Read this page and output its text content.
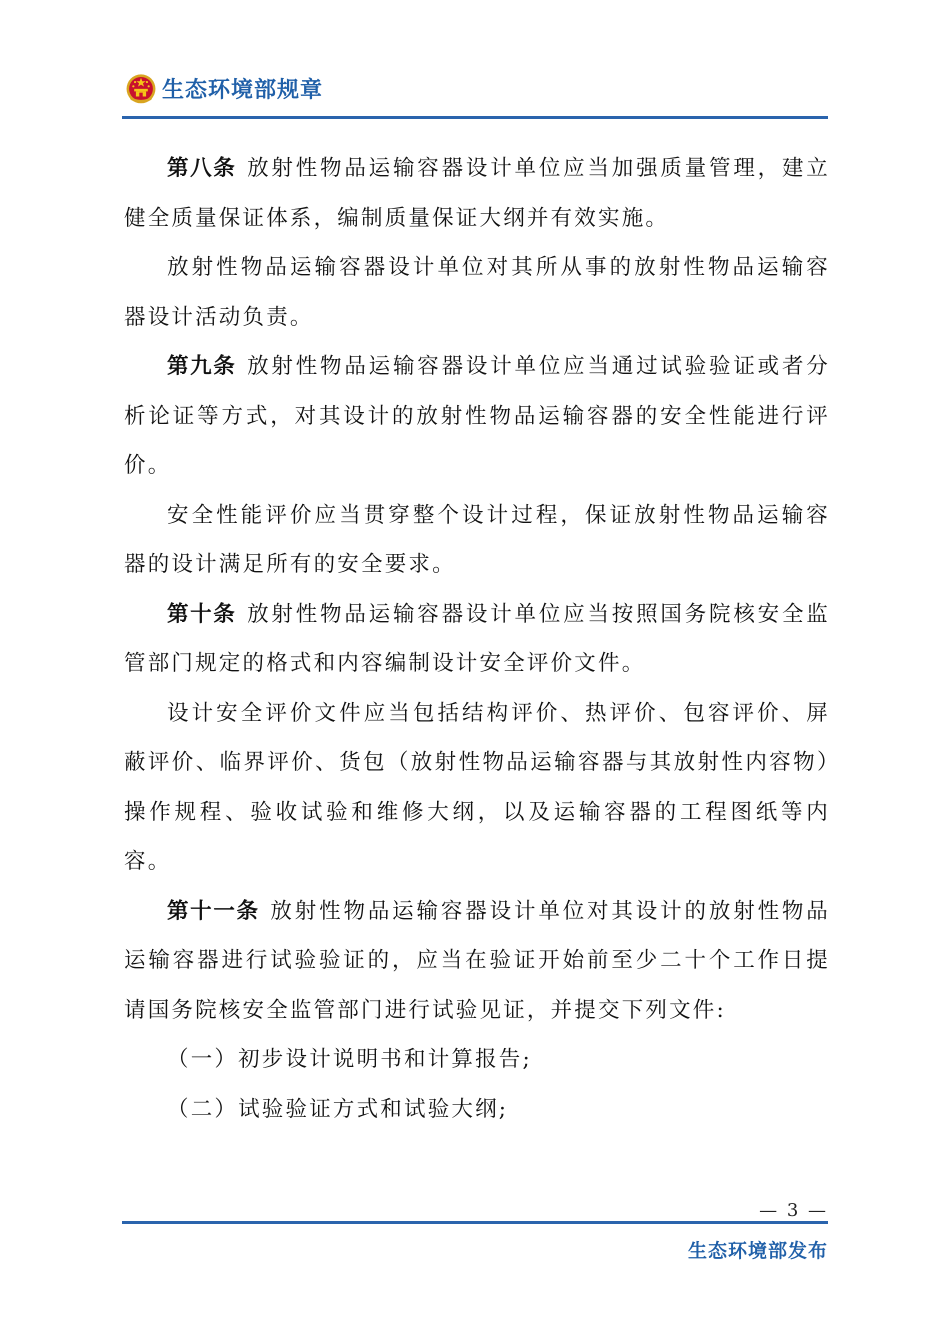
生态环境部规章

第八条 放射性物品运输容器设计单位应当加强质量管理，建立健全质量保证体系，编制质量保证大纲并有效实施。

放射性物品运输容器设计单位对其所从事的放射性物品运输容器设计活动负责。

第九条 放射性物品运输容器设计单位应当通过试验验证或者分析论证等方式，对其设计的放射性物品运输容器的安全性能进行评价。

安全性能评价应当贯穿整个设计过程，保证放射性物品运输容器的设计满足所有的安全要求。

第十条 放射性物品运输容器设计单位应当按照国务院核安全监管部门规定的格式和内容编制设计安全评价文件。

设计安全评价文件应当包括结构评价、热评价、包容评价、屏蔽评价、临界评价、货包（放射性物品运输容器与其放射性内容物）操作规程、验收试验和维修大纲，以及运输容器的工程图纸等内容。

第十一条 放射性物品运输容器设计单位对其设计的放射性物品运输容器进行试验验证的，应当在验证开始前至少二十个工作日提请国务院核安全监管部门进行试验见证，并提交下列文件:

（一）初步设计说明书和计算报告;

（二）试验验证方式和试验大纲;

— 3 —
生态环境部发布
